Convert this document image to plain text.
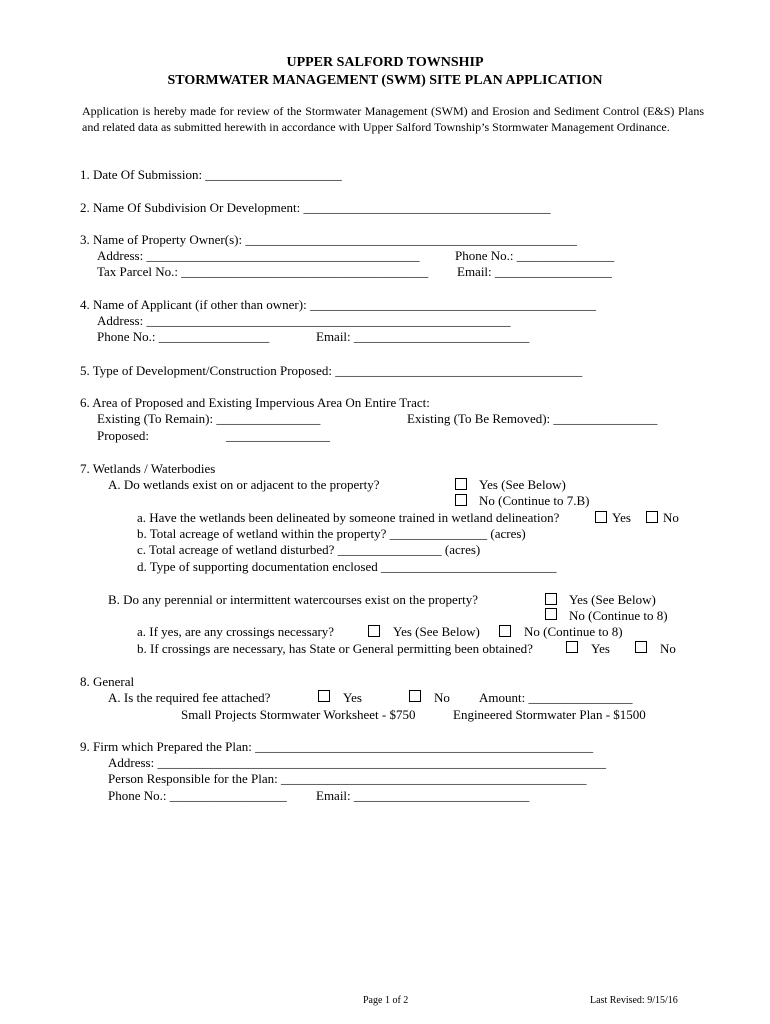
UPPER SALFORD TOWNSHIP
STORMWATER MANAGEMENT (SWM) SITE PLAN APPLICATION
Application is hereby made for review of the Stormwater Management (SWM) and Erosion and Sediment Control (E&S) Plans and related data as submitted herewith in accordance with Upper Salford Township’s Stormwater Management Ordinance.
1. Date Of Submission: _____________________
2. Name Of Subdivision Or Development: ______________________________________
3. Name of Property Owner(s): ___________________________________________________
Address: __________________________________________	Phone No.: _______________
Tax Parcel No.: ______________________________________ Email: __________________
4. Name of Applicant (if other than owner): ____________________________________________
Address: ________________________________________________________
Phone No.: _________________	Email: ___________________________
5. Type of Development/Construction Proposed: ______________________________________
6. Area of Proposed and Existing Impervious Area On Entire Tract:
Existing (To Remain): ________________	Existing (To Be Removed): ________________
Proposed:	________________
7. Wetlands / Waterbodies
A. Do wetlands exist on or adjacent to the property?	Yes (See Below)
No (Continue to 7.B)
a. Have the wetlands been delineated by someone trained in wetland delineation?	Yes No
b. Total acreage of wetland within the property? _______________ (acres)
c. Total acreage of wetland disturbed? ________________ (acres)
d. Type of supporting documentation enclosed ___________________________
B. Do any perennial or intermittent watercourses exist on the property?	Yes (See Below)
No (Continue to 8)
a. If yes, are any crossings necessary?	Yes (See Below)	No (Continue to 8)
b. If crossings are necessary, has State or General permitting been obtained?	Yes	No
8. General
A. Is the required fee attached?	Yes	No Amount: ________________
Small Projects Stormwater Worksheet - $750	Engineered Stormwater Plan - $1500
9. Firm which Prepared the Plan: ____________________________________________________
Address: _____________________________________________________________________
Person Responsible for the Plan: _______________________________________________
Phone No.: __________________ Email: ___________________________
Page 1 of 2	Last Revised: 9/15/16
